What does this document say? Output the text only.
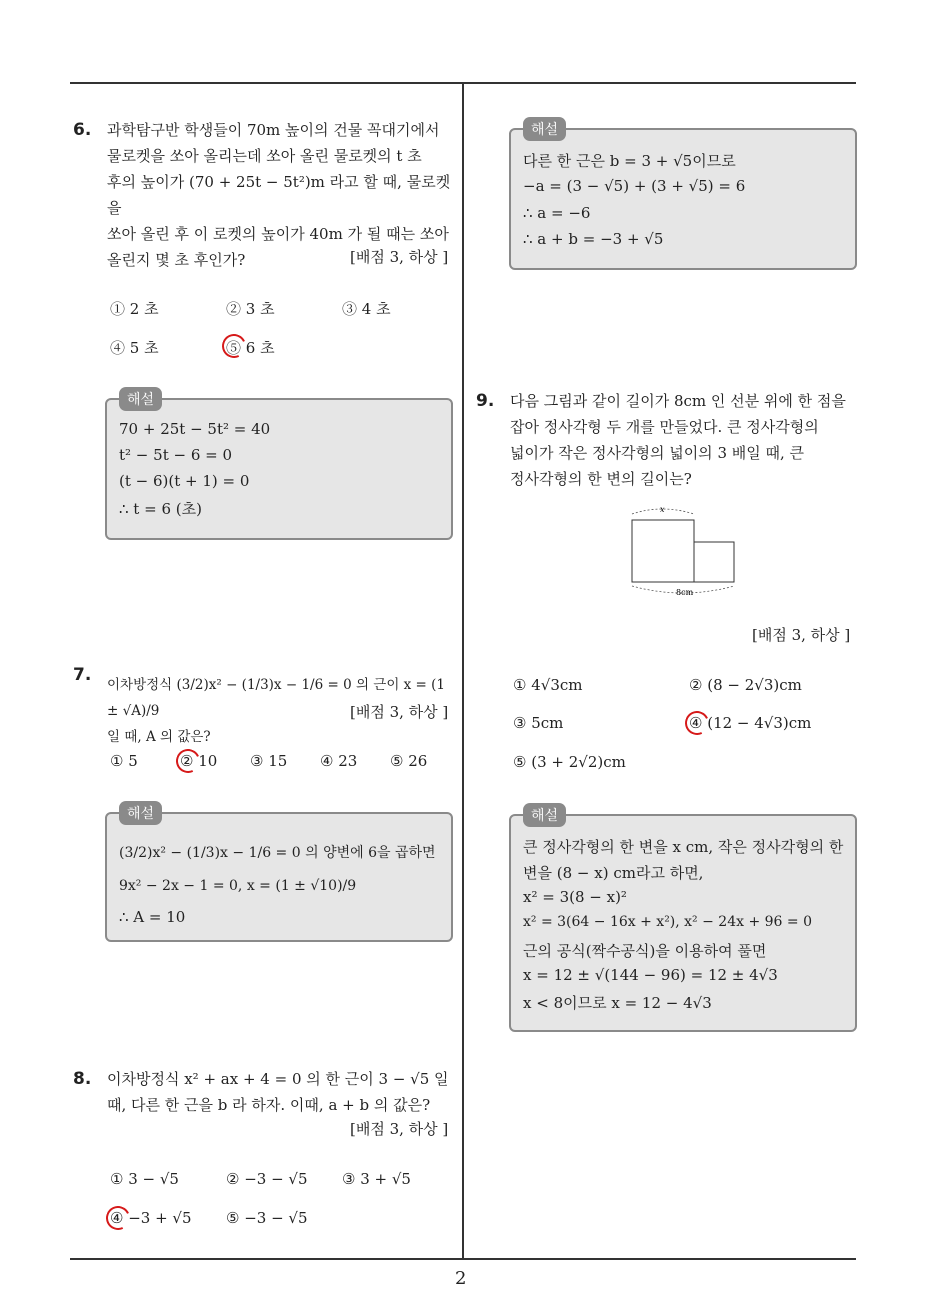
6. 과학탐구반 학생들이 70m 높이의 건물 꼭대기에서
물로켓을 쏘아 올리는데 쏘아 올린 물로켓의 t 초
후의 높이가 (70 + 25t − 5t²)m 라고 할 때, 물로켓을
쏘아 올린 후 이 로켓의 높이가 40m 가 될 때는 쏘아
올린지 몇 초 후인가?	[배점 3, 하상 ]
① 2 초	② 3 초	③ 4 초
④ 5 초	⑤ 6 초
해설
70 + 25t − 5t² = 40
t² − 5t − 6 = 0
(t − 6)(t + 1) = 0
∴ t = 6 (초)
7. 이차방정식 (3/2)x² − (1/3)x − 1/6 = 0 의 근이 x = (1 ± √A)/9
일 때, A 의 값은?
[배점 3, 하상 ]
① 5	② 10 ③ 15 ④ 23 ⑤ 26
해설
(3/2)x² − (1/3)x − 1/6 = 0 의 양변에 6을 곱하면
9x² − 2x − 1 = 0, x = (1 ± √10)/9
∴ A = 10
8. 이차방정식 x² + ax + 4 = 0 의 한 근이 3 − √5 일
때, 다른 한 근을 b 라 하자. 이때, a + b 의 값은?
[배점 3, 하상 ]
① 3 − √5	② −3 − √5 ③ 3 + √5
④ −3 + √5 ⑤ −3 − √5
해설
다른 한 근은 b = 3 + √5이므로
−a = (3 − √5) + (3 + √5) = 6
∴ a = −6
∴ a + b = −3 + √5
9. 다음 그림과 같이 길이가 8cm 인 선분 위에 한 점을
잡아 정사각형 두 개를 만들었다. 큰 정사각형의
넓이가 작은 정사각형의 넓이의 3 배일 때, 큰
정사각형의 한 변의 길이는?
x
8cm
[배점 3, 하상 ]
① 4√3cm	② (8 − 2√3)cm
③ 5cm	④ (12 − 4√3)cm
⑤ (3 + 2√2)cm
해설
큰 정사각형의 한 변을 x cm, 작은 정사각형의 한
변을 (8 − x) cm라고 하면,
x² = 3(8 − x)²
x² = 3(64 − 16x + x²), x² − 24x + 96 = 0
근의 공식(짝수공식)을 이용하여 풀면
x = 12 ± √(144 − 96) = 12 ± 4√3
x < 8이므로 x = 12 − 4√3
2
